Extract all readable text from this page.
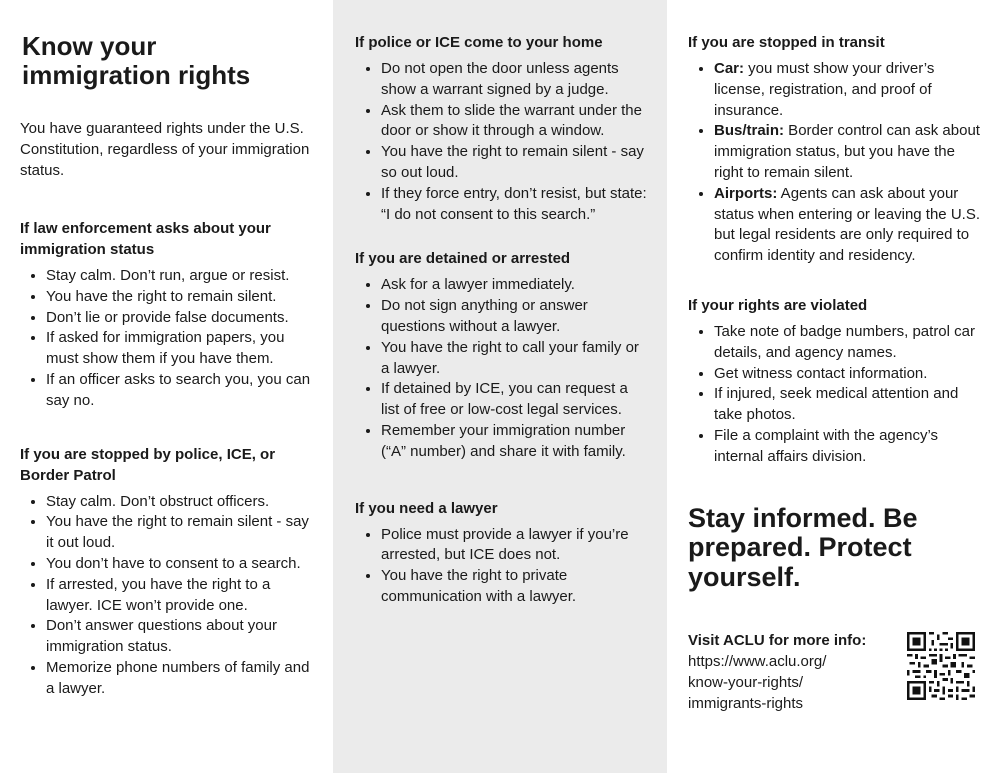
Know your
immigration rights

You have guaranteed rights under the U.S. Constitution, regardless of your immigration status.

If law enforcement asks about your immigration status
• Stay calm. Don’t run, argue or resist.
• You have the right to remain silent.
• Don’t lie or provide false documents.
• If asked for immigration papers, you must show them if you have them.
• If an officer asks to search you, you can say no.
If you are stopped by police, ICE, or Border Patrol
• Stay calm. Don’t obstruct officers.
• You have the right to remain silent - say it out loud.
• You don’t have to consent to a search.
• If arrested, you have the right to a lawyer. ICE won’t provide one.
• Don’t answer questions about your immigration status.
• Memorize phone numbers of family and a lawyer.
If police or ICE come to your home
• Do not open the door unless agents show a warrant signed by a judge.
• Ask them to slide the warrant under the door or show it through a window.
• You have the right to remain silent - say so out loud.
• If they force entry, don’t resist, but state: “I do not consent to this search.”
If you are detained or arrested
• Ask for a lawyer immediately.
• Do not sign anything or answer questions without a lawyer.
• You have the right to call your family or a lawyer.
• If detained by ICE, you can request a list of free or low-cost legal services.
• Remember your immigration number (“A” number) and share it with family.
If you need a lawyer
• Police must provide a lawyer if you’re arrested, but ICE does not.
• You have the right to private communication with a lawyer.
If you are stopped in transit
• Car: you must show your driver’s license, registration, and proof of insurance.
• Bus/train: Border control can ask about immigration status, but you have the right to remain silent.
• Airports: Agents can ask about your status when entering or leaving the U.S. but legal residents are only required to confirm identity and residency.
If your rights are violated
• Take note of badge numbers, patrol car details, and agency names.
• Get witness contact information.
• If injured, seek medical attention and take photos.
• File a complaint with the agency’s internal affairs division.

Stay informed. Be prepared. Protect yourself.

Visit ACLU for more info:
https://www.aclu.org/
know-your-rights/
immigrants-rights
